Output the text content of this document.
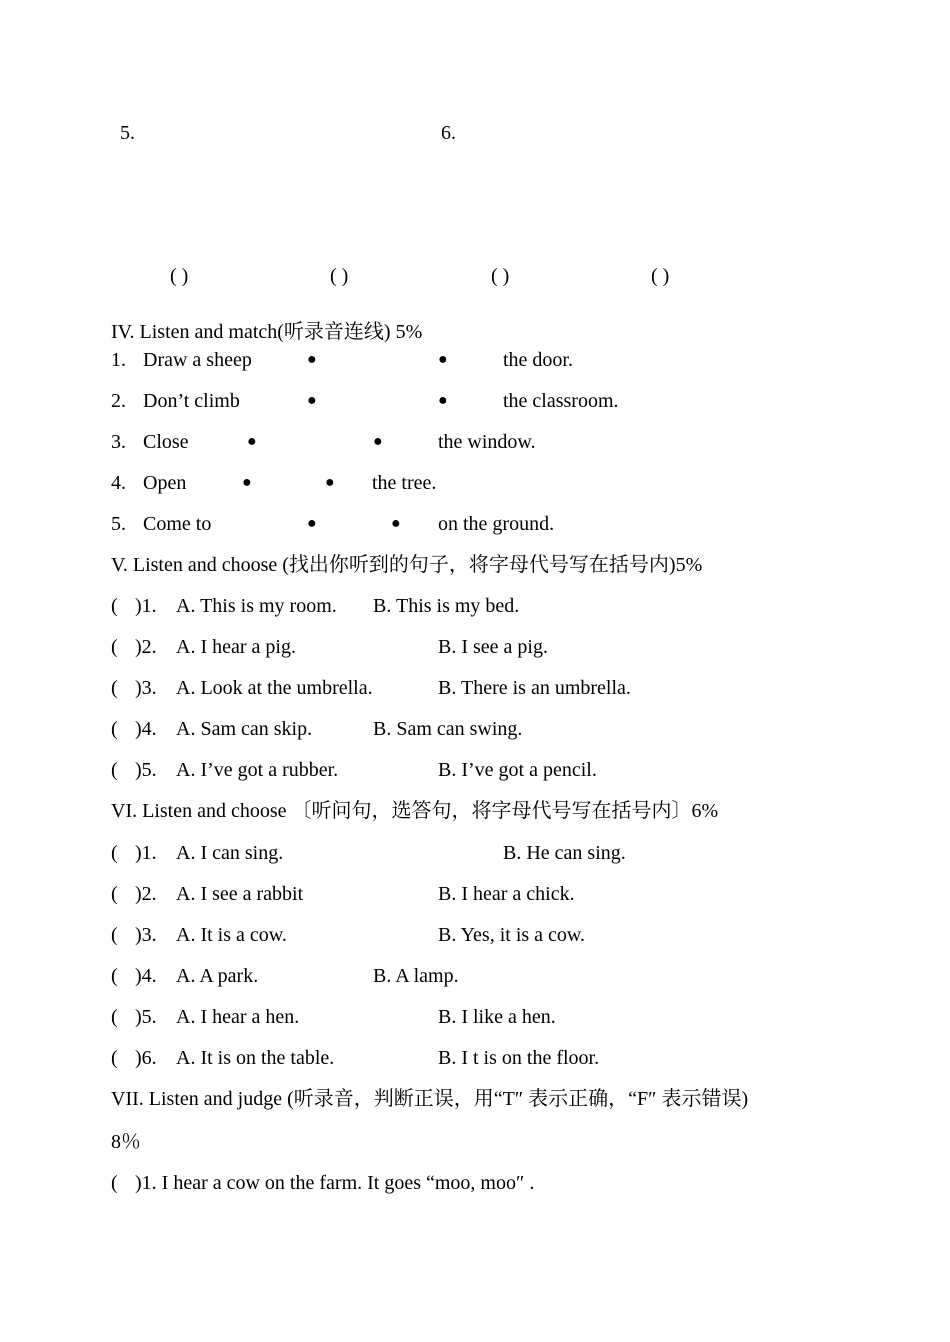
5.	6.
( )	( )	( )	( )
IV. Listen and match(听录音连线) 5%
1. Draw a sheep	●	●	the door.
2. Don’t climb	●	●	the classroom.
3. Close	●	●	the window.
4. Open	●	● the tree.
5. Come to	●	● on the ground.
V. Listen and choose (找出你听到的句子，将字母代号写在括号内)5%
( )1. A. This is my room. B. This is my bed.
( )2. A. I hear a pig.	B. I see a pig.
( )3. A. Look at the umbrella.	B. There is an umbrella.
( )4. A. Sam can skip.	B. Sam can swing.
( )5. A. I’ve got a rubber.	B. I’ve got a pencil.
VI. Listen and choose 〔听问句，选答句，将字母代号写在括号内〕6%
( )1. A. I can sing.	B. He can sing.
( )2. A. I see a rabbit	B. I hear a chick.
( )3. A. It is a cow.	B. Yes, it is a cow.
( )4. A. A park.	B. A lamp.
( )5. A. I hear a hen.	B. I like a hen.
( )6. A. It is on the table.	B. I t is on the floor.
VII. Listen and judge (听录音，判断正误，用“T″ 表示正确，“F″ 表示错误)
8％
( )1. I hear a cow on the farm. It goes “moo, moo″ .
